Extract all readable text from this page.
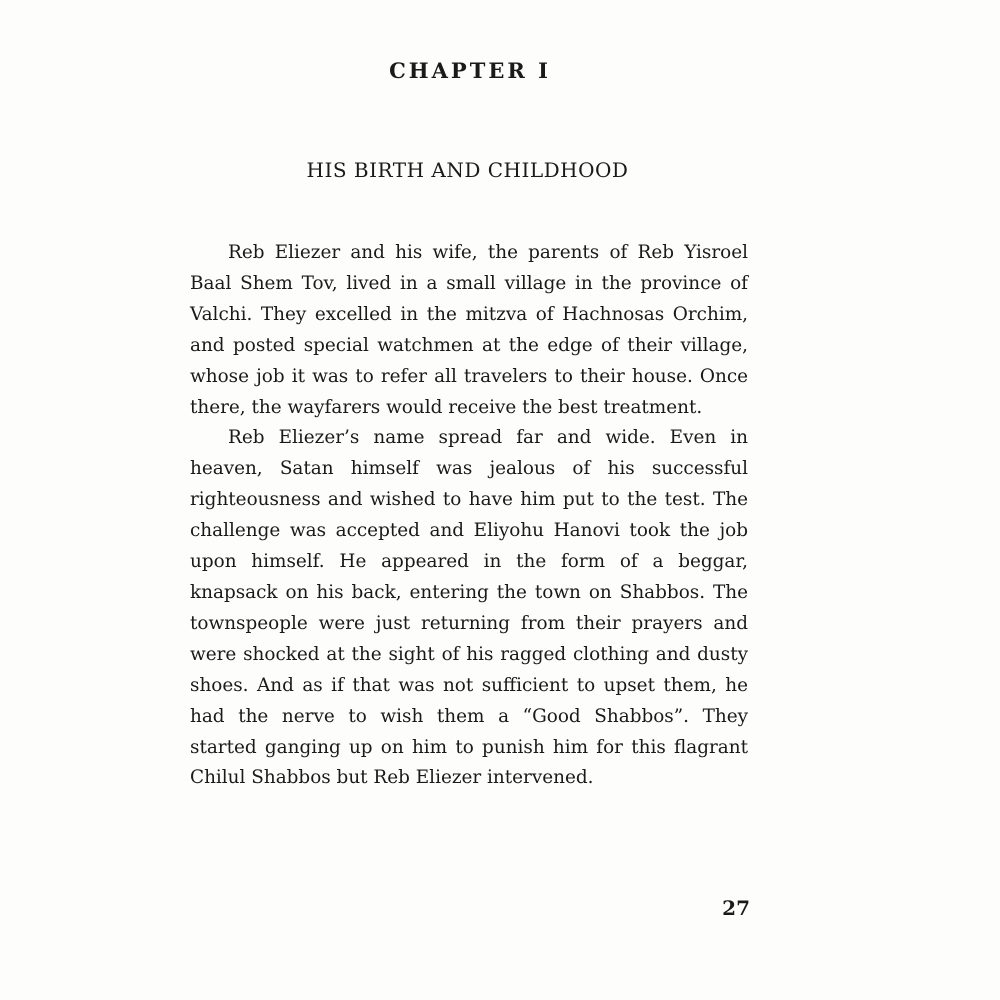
CHAPTER I
HIS BIRTH AND CHILDHOOD

Reb Eliezer and his wife, the parents of Reb Yisroel Baal Shem Tov, lived in a small village in the province of Valchi. They excelled in the mitzva of Hachnosas Orchim, and posted special watchmen at the edge of their village, whose job it was to refer all travelers to their house. Once there, the wayfarers would receive the best treatment.

Reb Eliezer’s name spread far and wide. Even in heaven, Satan himself was jealous of his successful righteousness and wished to have him put to the test. The challenge was accepted and Eliyohu Hanovi took the job upon himself. He appeared in the form of a beggar, knapsack on his back, entering the town on Shabbos. The townspeople were just returning from their prayers and were shocked at the sight of his ragged clothing and dusty shoes. And as if that was not sufficient to upset them, he had the nerve to wish them a “Good Shabbos”. They started ganging up on him to punish him for this flagrant Chilul Shabbos but Reb Eliezer intervened.

27
